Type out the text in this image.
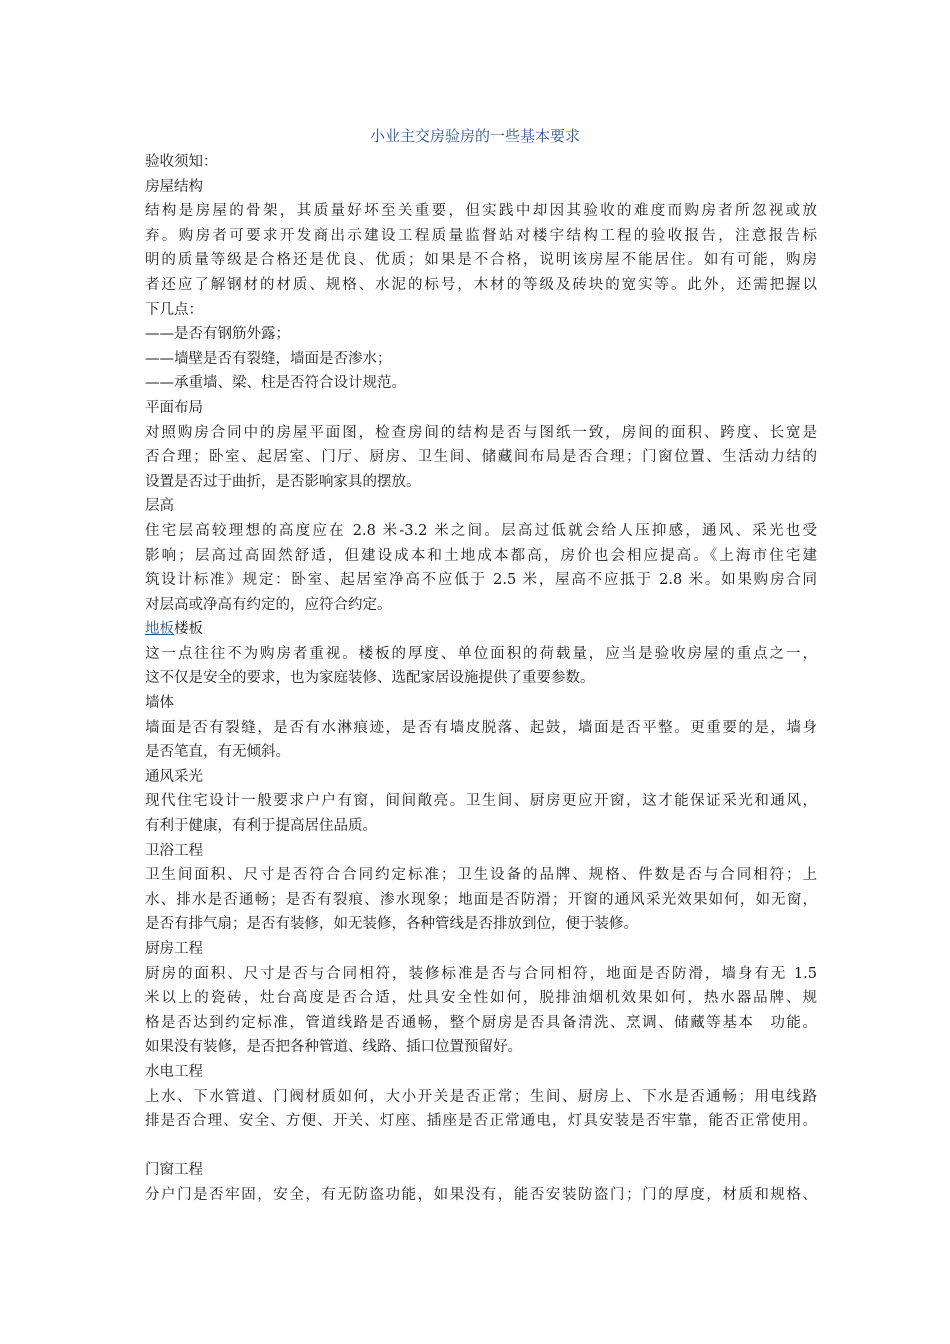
小业主交房验房的一些基本要求
验收须知：
房屋结构
结构是房屋的骨架，其质量好坏至关重要，但实践中却因其验收的难度而购房者所忽视或放
弃。购房者可要求开发商出示建设工程质量监督站对楼宇结构工程的验收报告，注意报告标
明的质量等级是合格还是优良、优质；如果是不合格，说明该房屋不能居住。如有可能，购房
者还应了解钢材的材质、规格、水泥的标号，木材的等级及砖块的宽实等。此外，还需把握以
下几点：
——是否有钢筋外露；
——墙壁是否有裂缝，墙面是否渗水；
——承重墙、梁、柱是否符合设计规范。
平面布局
对照购房合同中的房屋平面图，检查房间的结构是否与图纸一致，房间的面积、跨度、长宽是
否合理；卧室、起居室、门厅、厨房、卫生间、储藏间布局是否合理；门窗位置、生活动力结的
设置是否过于曲折，是否影响家具的摆放。
层高
住宅层高较理想的高度应在 2.8 米-3.2 米之间。层高过低就会给人压抑感，通风、采光也受
影响；层高过高固然舒适，但建设成本和土地成本都高，房价也会相应提高。《上海市住宅建
筑设计标准》规定：卧室、起居室净高不应低于 2.5 米，屋高不应抵于 2.8 米。如果购房合同
对层高或净高有约定的，应符合约定。
地板楼板
这一点往往不为购房者重视。楼板的厚度、单位面积的荷载量，应当是验收房屋的重点之一，
这不仅是安全的要求，也为家庭装修、选配家居设施提供了重要参数。
墙体
墙面是否有裂缝，是否有水淋痕迹，是否有墙皮脱落、起鼓，墙面是否平整。更重要的是，墙身
是否笔直，有无倾斜。
通风采光
现代住宅设计一般要求户户有窗，间间敞亮。卫生间、厨房更应开窗，这才能保证采光和通风，
有利于健康，有利于提高居住品质。
卫浴工程
卫生间面积、尺寸是否符合合同约定标准；卫生设备的品牌、规格、件数是否与合同相符；上
水、排水是否通畅；是否有裂痕、渗水现象；地面是否防滑；开窗的通风采光效果如何，如无窗，
是否有排气扇；是否有装修，如无装修，各种管线是否排放到位，便于装修。
厨房工程
厨房的面积、尺寸是否与合同相符，装修标准是否与合同相符，地面是否防滑，墙身有无 1.5
米以上的瓷砖，灶台高度是否合适，灶具安全性如何，脱排油烟机效果如何，热水器品牌、规
格是否达到约定标准，管道线路是否通畅，整个厨房是否具备清洗、烹调、储藏等基本　功能。
如果没有装修，是否把各种管道、线路、插口位置预留好。
水电工程
上水、下水管道、门阀材质如何，大小开关是否正常；生间、厨房上、下水是否通畅；用电线路
排是否合理、安全、方便、开关、灯座、插座是否正常通电，灯具安装是否牢靠，能否正常使用。
门窗工程
分户门是否牢固，安全，有无防盗功能，如果没有，能否安装防盗门；门的厚度，材质和规格、
